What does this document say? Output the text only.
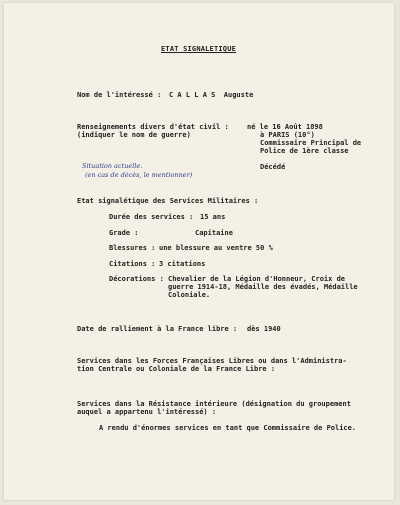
ETAT SIGNALETIQUE

Nom de l'intéressé : C A L L A S  Auguste

Renseignements divers d'état civil :

(indiquer le nom de guerre)

né le 16 Août 1898

à PARIS (10°)

Commissaire Principal de

Police de 1ère classe

Décédé

Situation actuelle.

(en cas de décès, le mentionner)

Etat signalétique des Services Militaires :

Durée des services : 15 ans

Grade :	Capitaine

Blessures : une blessure au ventre 50 %

Citations : 3 citations

Décorations : Chevalier de la Légion d'Honneur, Croix de

guerre 1914-18, Médaille des évadés, Médaille

Coloniale.

Date de ralliement à la France libre : dès 1940

Services dans les Forces Françaises Libres ou dans l'Administra-

tion Centrale ou Coloniale de la France Libre :

Services dans la Résistance intérieure (désignation du groupement

auquel a appartenu l'intéressé) :

A rendu d'énormes services en tant que Commissaire de Police.
